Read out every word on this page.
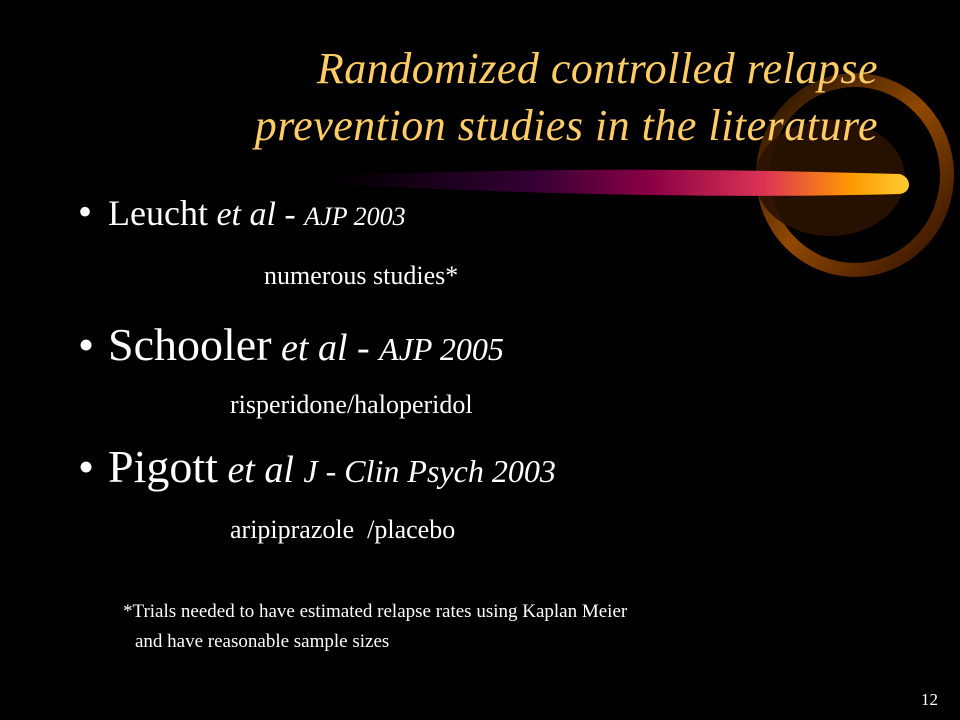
Randomized controlled relapse
prevention studies in the literature
• Leucht et al - AJP 2003
numerous studies*
• Schooler et al - AJP 2005
risperidone/haloperidol
• Pigott et al J - Clin Psych 2003
aripiprazole  /placebo
*Trials needed to have estimated relapse rates using Kaplan Meier
and have reasonable sample sizes
12
